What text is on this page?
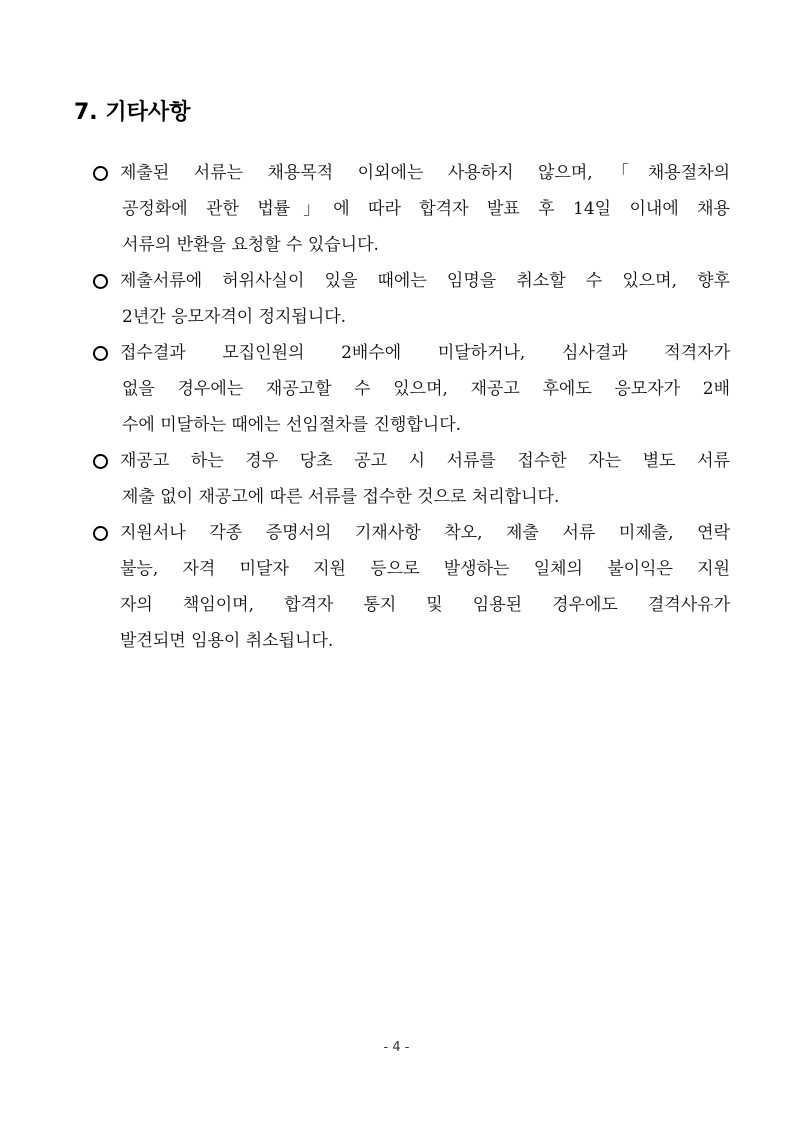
7. 기타사항
제출된 서류는 채용목적 이외에는 사용하지 않으며,「채용절차의
공정화에 관한 법률」에 따라 합격자 발표 후 14일 이내에 채용
서류의 반환을 요청할 수 있습니다.
제출서류에 허위사실이 있을 때에는 임명을 취소할 수 있으며, 향후
2년간 응모자격이 정지됩니다.
접수결과 모집인원의 2배수에 미달하거나, 심사결과 적격자가
없을 경우에는 재공고할 수 있으며, 재공고 후에도 응모자가 2배
수에 미달하는 때에는 선임절차를 진행합니다.
재공고 하는 경우 당초 공고 시 서류를 접수한 자는 별도 서류
제출 없이 재공고에 따른 서류를 접수한 것으로 처리합니다.
지원서나 각종 증명서의 기재사항 착오, 제출 서류 미제출, 연락
불능, 자격 미달자 지원 등으로 발생하는 일체의 불이익은 지원
자의 책임이며, 합격자 통지 및 임용된 경우에도 결격사유가
발견되면 임용이 취소됩니다.

- 4 -
